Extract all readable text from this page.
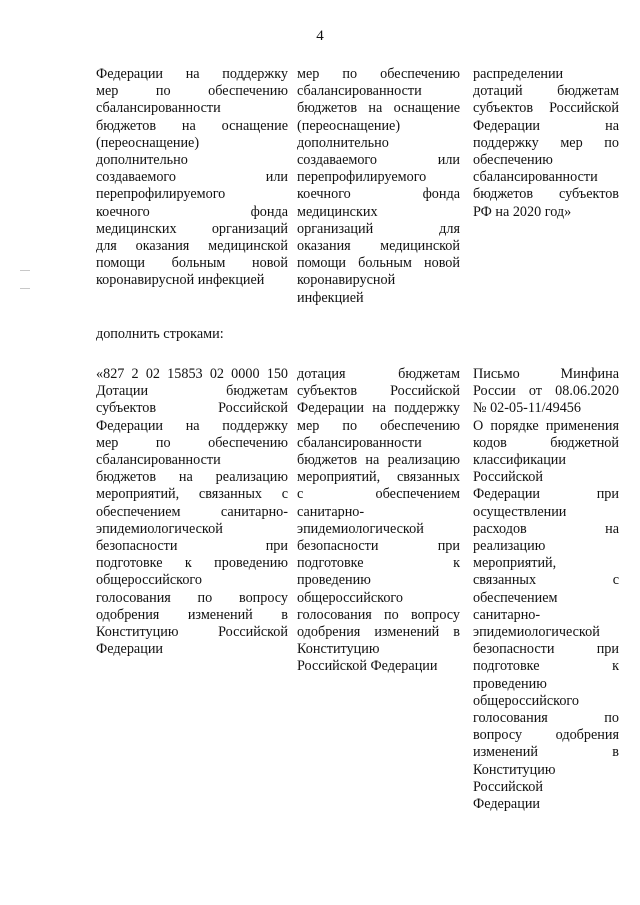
4
Федерации на поддержку
мер по обеспечению
сбалансированности
бюджетов на оснащение
(переоснащение)
дополнительно
создаваемого или
перепрофилируемого
коечного фонда
медицинских организаций
для оказания медицинской
помощи больным новой
коронавирусной инфекцией
мер по обеспечению
сбалансированности
бюджетов на оснащение
(переоснащение)
дополнительно
создаваемого или
перепрофилируемого
коечного фонда
медицинских
организаций для
оказания медицинской
помощи больным новой
коронавирусной
инфекцией
распределении
дотаций бюджетам
субъектов Российской
Федерации на
поддержку мер по
обеспечению
сбалансированности
бюджетов субъектов
РФ на 2020 год»
дополнить строками:
«827 2 02 15853 02 0000 150
Дотации бюджетам
субъектов Российской
Федерации на поддержку
мер по обеспечению
сбалансированности
бюджетов на реализацию
мероприятий, связанных с
обеспечением санитарно-
эпидемиологической
безопасности при
подготовке к проведению
общероссийского
голосования по вопросу
одобрения изменений в
Конституцию Российской
Федерации
дотация бюджетам
субъектов Российской
Федерации на поддержку
мер по обеспечению
сбалансированности
бюджетов на реализацию
мероприятий, связанных
с обеспечением
санитарно-
эпидемиологической
безопасности при
подготовке к
проведению
общероссийского
голосования по вопросу
одобрения изменений в
Конституцию
Российской Федерации
Письмо Минфина
России от 08.06.2020
№ 02-05-11/49456
О порядке применения
кодов бюджетной
классификации
Российской
Федерации при
осуществлении
расходов на
реализацию
мероприятий,
связанных с
обеспечением
санитарно-
эпидемиологической
безопасности при
подготовке к
проведению
общероссийского
голосования по
вопросу одобрения
изменений в
Конституцию
Российской
Федерации
